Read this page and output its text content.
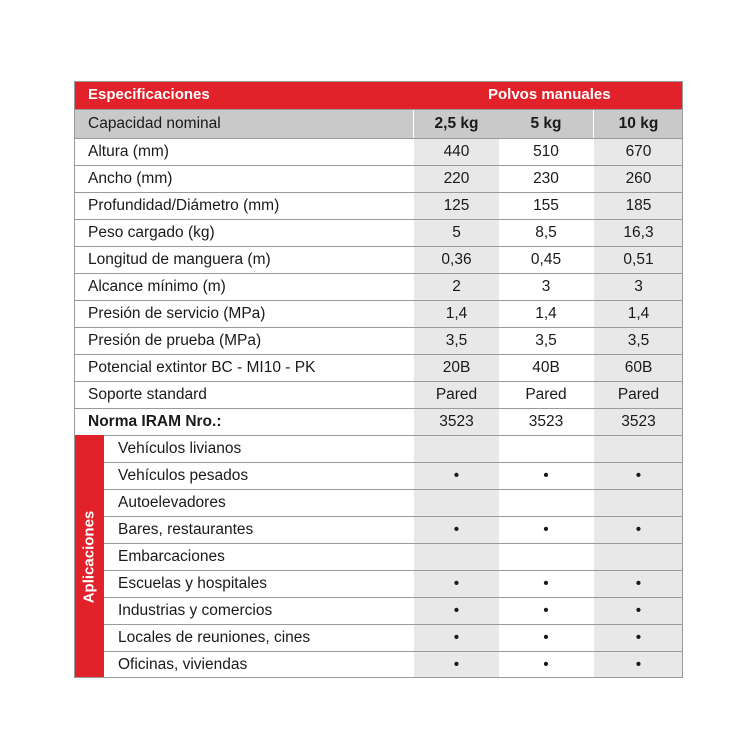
Especificaciones	Polvos manuales
Capacidad nominal	2,5 kg	5 kg	10 kg
Altura (mm)	440	510	670
Ancho (mm)	220	230	260
Profundidad/Diámetro (mm)	125	155	185
Peso cargado (kg)	5	8,5	16,3
Longitud de manguera (m)	0,36	0,45	0,51
Alcance mínimo (m)	2	3	3
Presión de servicio (MPa)	1,4	1,4	1,4
Presión de prueba (MPa)	3,5	3,5	3,5
Potencial extintor BC - MI10 - PK	20B	40B	60B
Soporte standard	Pared	Pared	Pared
Norma IRAM Nro.:	3523	3523	3523
Aplicaciones
Vehículos livianos
Vehículos pesados	•	•	•
Autoelevadores
Bares, restaurantes	•	•	•
Embarcaciones
Escuelas y hospitales	•	•	•
Industrias y comercios	•	•	•
Locales de reuniones, cines	•	•	•
Oficinas, viviendas	•	•	•
